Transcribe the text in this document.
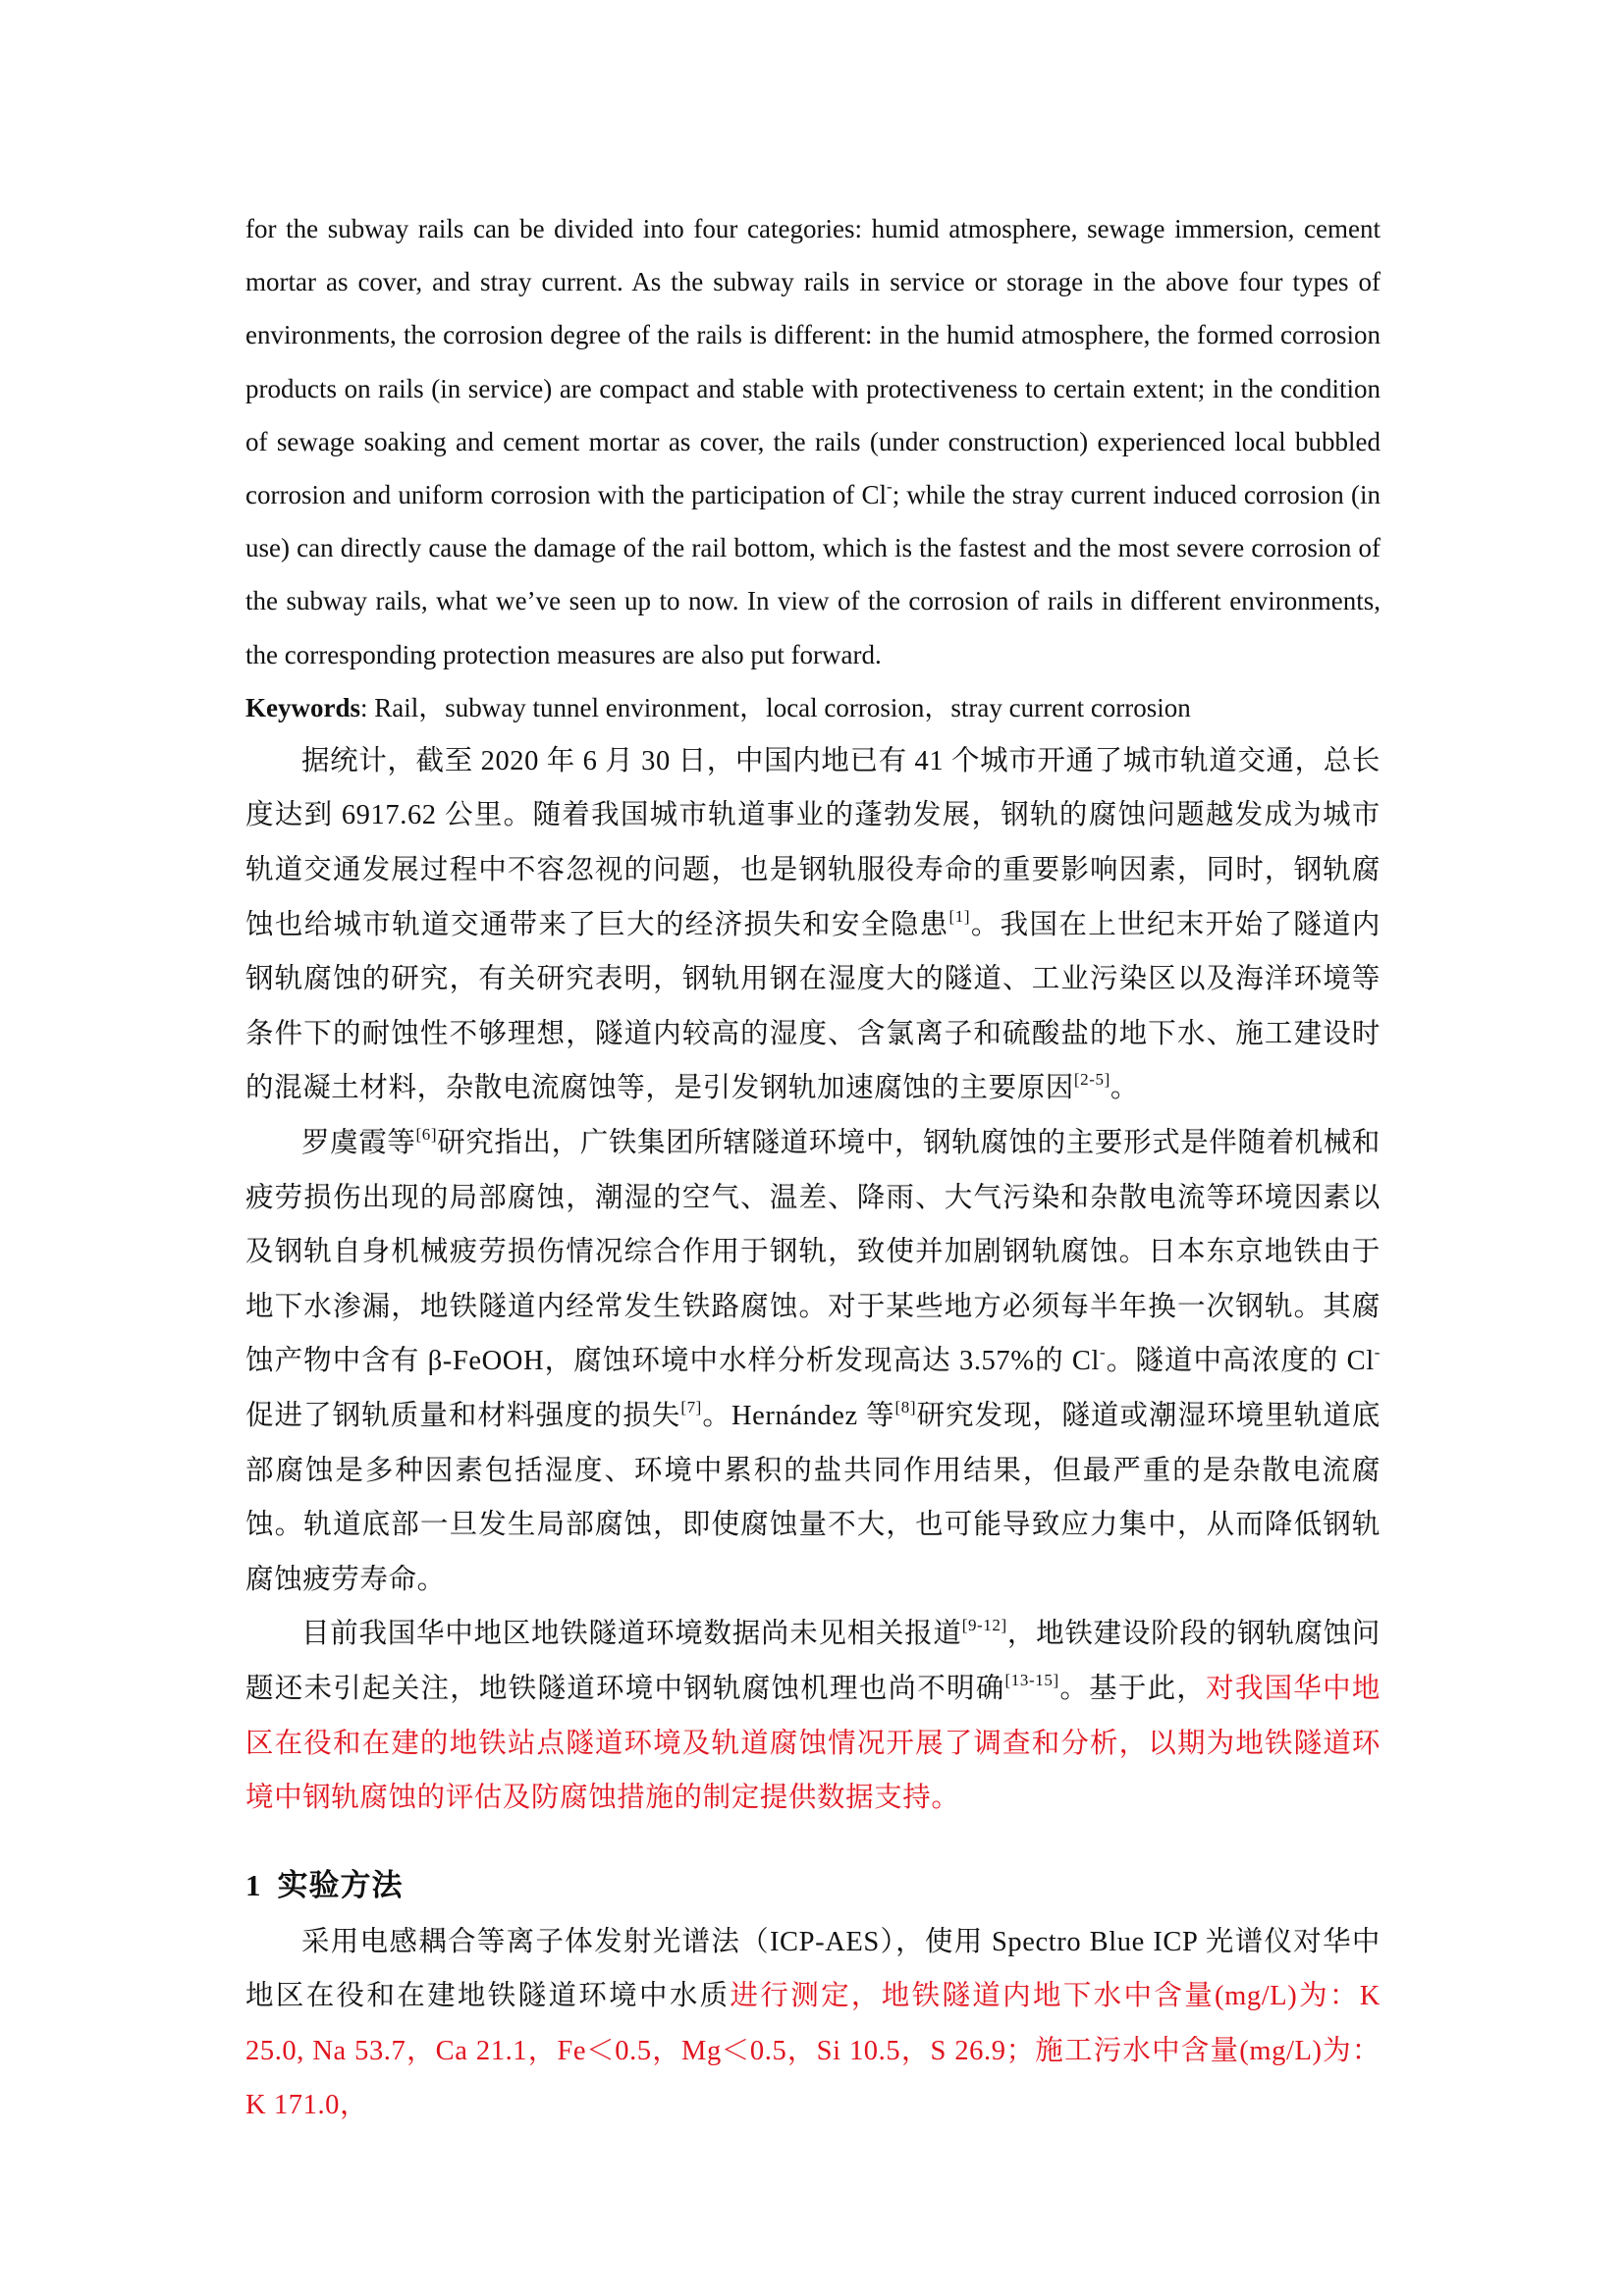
for the subway rails can be divided into four categories: humid atmosphere, sewage immersion, cement mortar as cover, and stray current. As the subway rails in service or storage in the above four types of environments, the corrosion degree of the rails is different: in the humid atmosphere, the formed corrosion products on rails (in service) are compact and stable with protectiveness to certain extent; in the condition of sewage soaking and cement mortar as cover, the rails (under construction) experienced local bubbled corrosion and uniform corrosion with the participation of Cl-; while the stray current induced corrosion (in use) can directly cause the damage of the rail bottom, which is the fastest and the most severe corrosion of the subway rails, what we’ve seen up to now. In view of the corrosion of rails in different environments, the corresponding protection measures are also put forward.

Keywords: Rail，subway tunnel environment，local corrosion，stray current corrosion

据统计，截至 2020 年 6 月 30 日，中国内地已有 41 个城市开通了城市轨道交通，总长度达到 6917.62 公里。随着我国城市轨道事业的蓬勃发展，钢轨的腐蚀问题越发成为城市轨道交通发展过程中不容忽视的问题，也是钢轨服役寿命的重要影响因素，同时，钢轨腐蚀也给城市轨道交通带来了巨大的经济损失和安全隐患[1]。我国在上世纪末开始了隧道内钢轨腐蚀的研究，有关研究表明，钢轨用钢在湿度大的隧道、工业污染区以及海洋环境等条件下的耐蚀性不够理想，隧道内较高的湿度、含氯离子和硫酸盐的地下水、施工建设时的混凝土材料，杂散电流腐蚀等，是引发钢轨加速腐蚀的主要原因[2-5]。

罗虞霞等[6]研究指出，广铁集团所辖隧道环境中，钢轨腐蚀的主要形式是伴随着机械和疲劳损伤出现的局部腐蚀，潮湿的空气、温差、降雨、大气污染和杂散电流等环境因素以及钢轨自身机械疲劳损伤情况综合作用于钢轨，致使并加剧钢轨腐蚀。日本东京地铁由于地下水渗漏，地铁隧道内经常发生铁路腐蚀。对于某些地方必须每半年换一次钢轨。其腐蚀产物中含有 β-FeOOH，腐蚀环境中水样分析发现高达 3.57%的 Cl-。隧道中高浓度的 Cl-促进了钢轨质量和材料强度的损失[7]。Hernández 等[8]研究发现，隧道或潮湿环境里轨道底部腐蚀是多种因素包括湿度、环境中累积的盐共同作用结果，但最严重的是杂散电流腐蚀。轨道底部一旦发生局部腐蚀，即使腐蚀量不大，也可能导致应力集中，从而降低钢轨腐蚀疲劳寿命。

目前我国华中地区地铁隧道环境数据尚未见相关报道[9-12]，地铁建设阶段的钢轨腐蚀问题还未引起关注，地铁隧道环境中钢轨腐蚀机理也尚不明确[13-15]。基于此，对我国华中地区在役和在建的地铁站点隧道环境及轨道腐蚀情况开展了调查和分析，以期为地铁隧道环境中钢轨腐蚀的评估及防腐蚀措施的制定提供数据支持。

1 实验方法

采用电感耦合等离子体发射光谱法（ICP-AES），使用 Spectro Blue ICP 光谱仪对华中地区在役和在建地铁隧道环境中水质进行测定，地铁隧道内地下水中含量(mg/L)为：K 25.0, Na 53.7，Ca 21.1，Fe＜0.5，Mg＜0.5，Si 10.5，S 26.9；施工污水中含量(mg/L)为：K 171.0，
